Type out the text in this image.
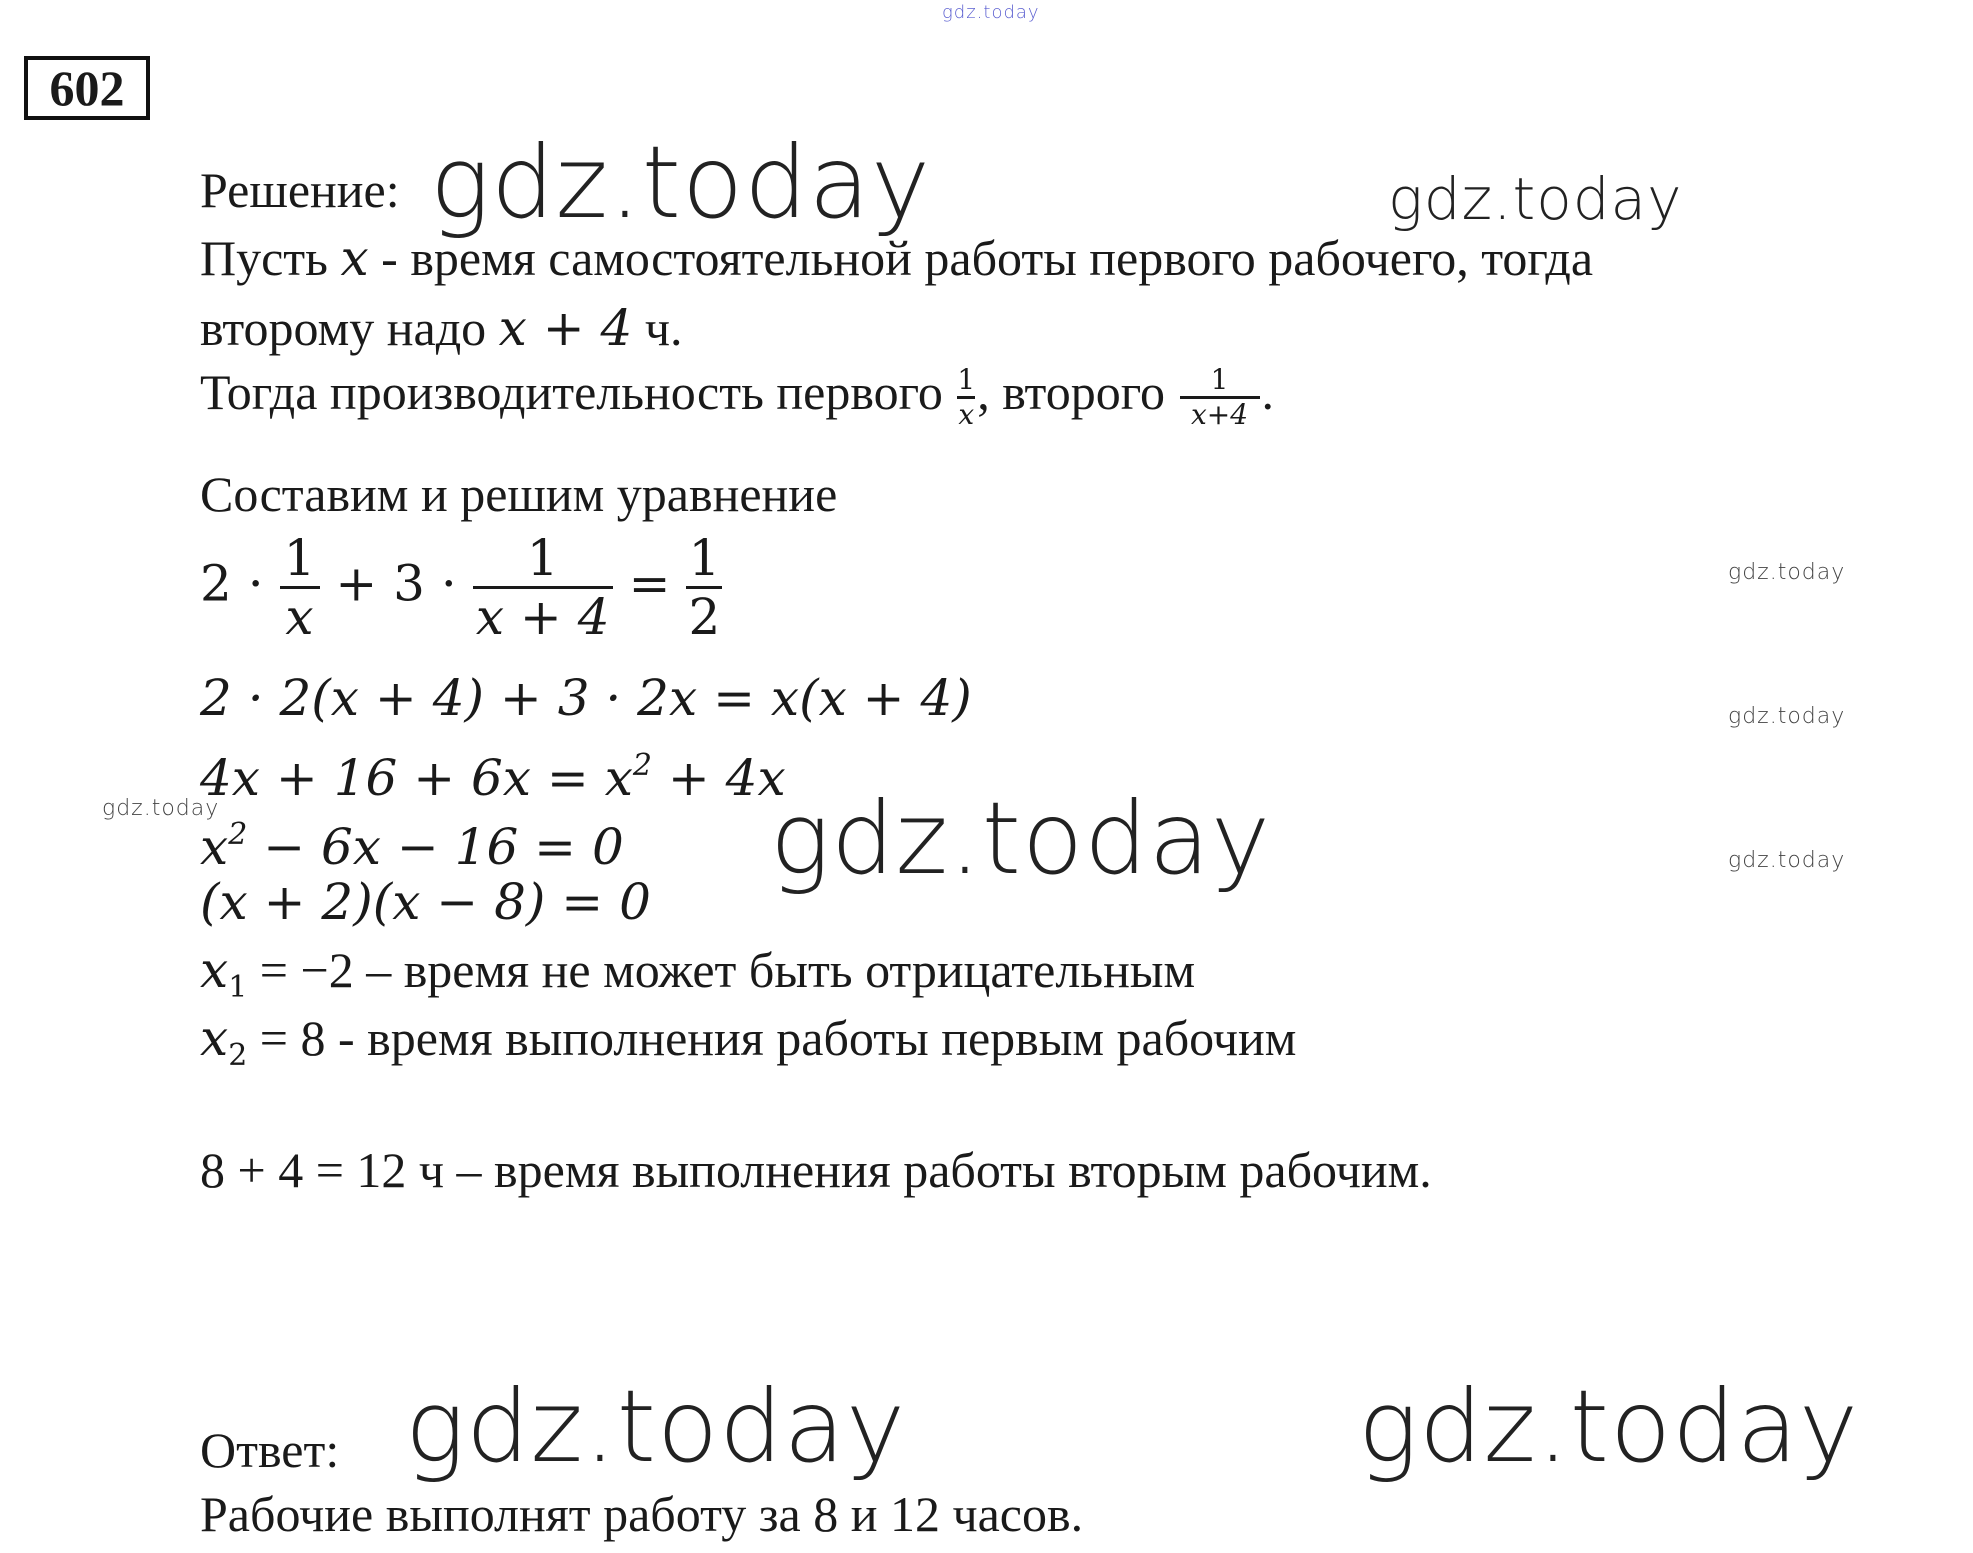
gdz.today
602
Решение: gdz.today	gdz.today
Пусть x - время самостоятельной работы первого рабочего, тогда
второму надо x + 4 ч.
Тогда производительность первого $\frac{1}{x}$ , второго $\frac{1}{x+4}$ .
Составим и решим уравнение
$2 \cdot \frac{1}{x} + 3 \cdot \frac{1}{x + 4} = \frac{1}{2}$
2 · 2(x + 4) + 3 · 2x = x(x + 4)
$4x + 16 + 6x = x^2 + 4x$
$x^2 - 6x - 16 = 0$
(x + 2)(x − 8) = 0
$x_1 = -2$ – время не может быть отрицательным
$x_2 = 8$ - время выполнения работы первым рабочим
8 + 4 = 12 ч – время выполнения работы вторым рабочим.
gdz.today
gdz.today
gdz.today
gdz.today	gdz.today
Ответ: gdz.today	gdz.today
Рабочие выполнят работу за 8 и 12 часов.
